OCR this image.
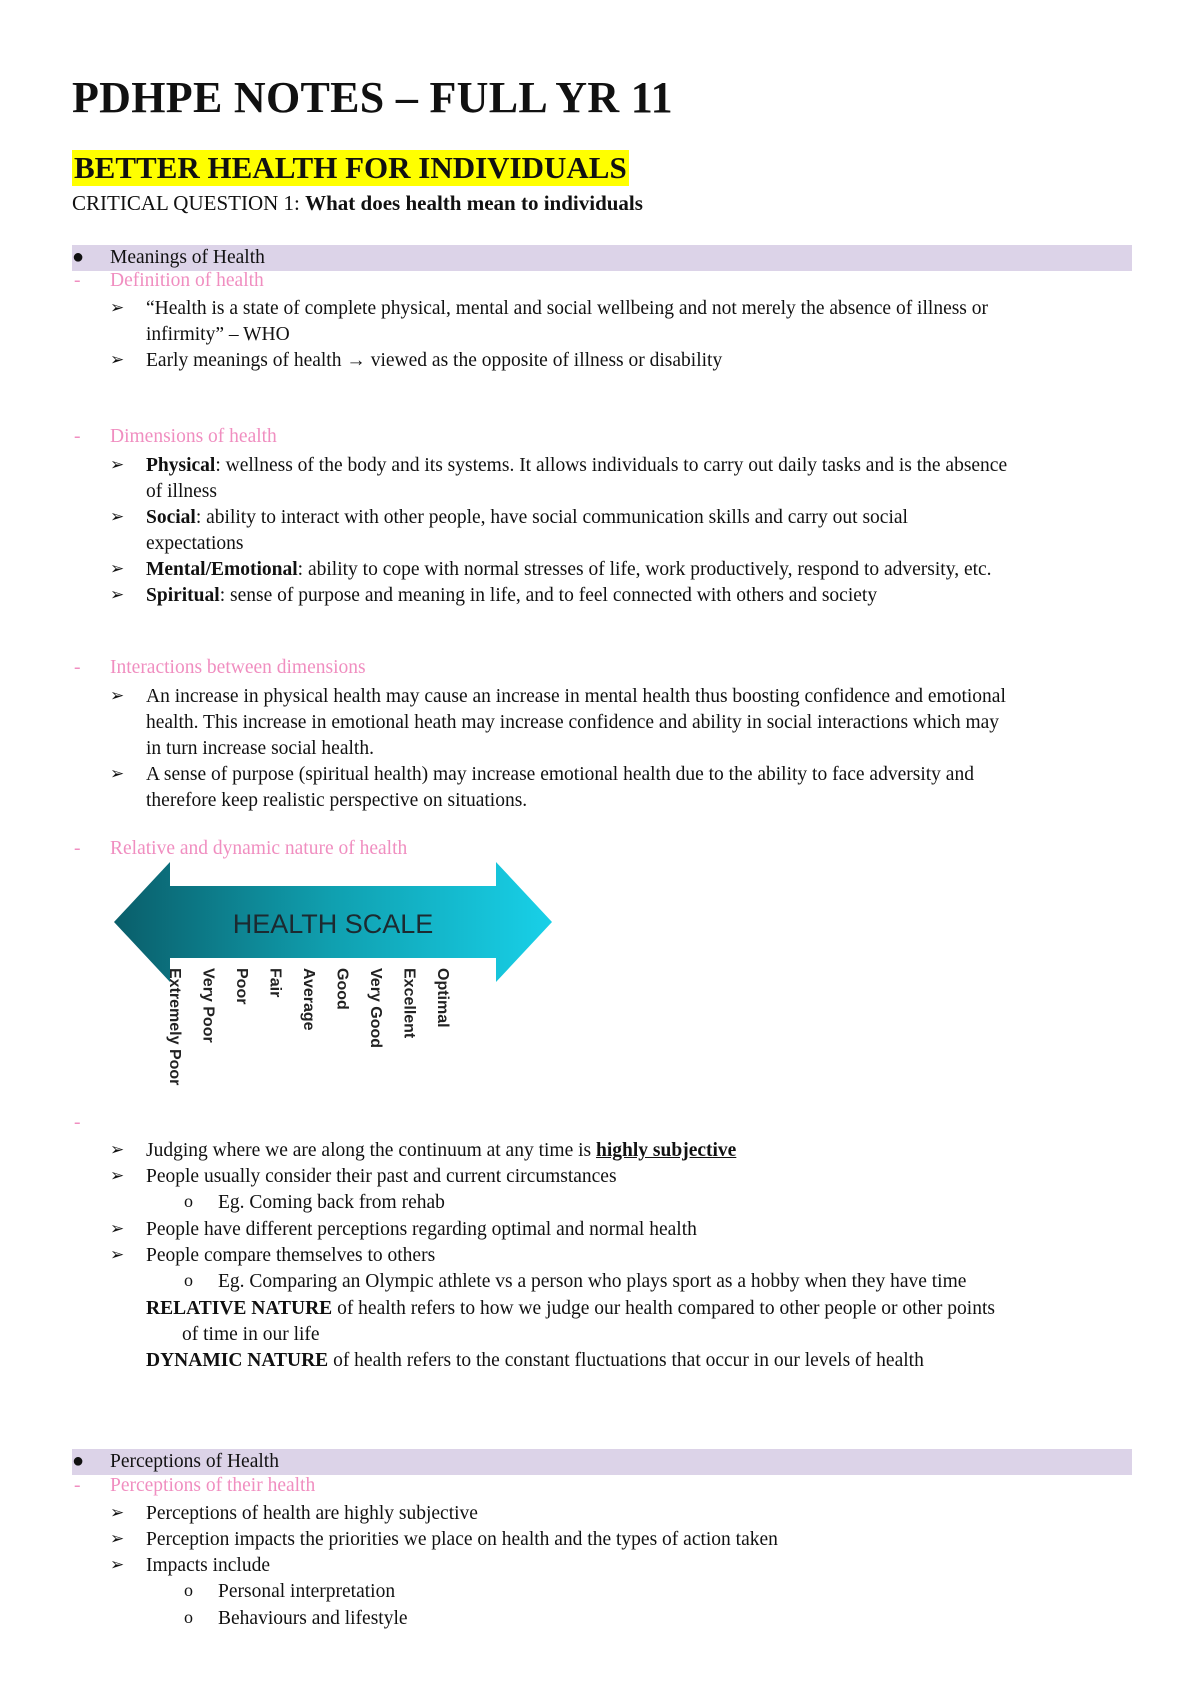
PDHPE NOTES – FULL YR 11
BETTER HEALTH FOR INDIVIDUALS
CRITICAL QUESTION 1: What does health mean to individuals
● Meanings of Health
- Definition of health
➢ “Health is a state of complete physical, mental and social wellbeing and not merely the absence of illness or
infirmity” – WHO
➢ Early meanings of health → viewed as the opposite of illness or disability
- Dimensions of health
➢ Physical: wellness of the body and its systems. It allows individuals to carry out daily tasks and is the absence
of illness
➢ Social: ability to interact with other people, have social communication skills and carry out social
expectations
➢ Mental/Emotional: ability to cope with normal stresses of life, work productively, respond to adversity, etc.
➢ Spiritual: sense of purpose and meaning in life, and to feel connected with others and society
- Interactions between dimensions
➢ An increase in physical health may cause an increase in mental health thus boosting confidence and emotional
health. This increase in emotional heath may increase confidence and ability in social interactions which may
in turn increase social health.
➢ A sense of purpose (spiritual health) may increase emotional health due to the ability to face adversity and
therefore keep realistic perspective on situations.
- Relative and dynamic nature of health
HEALTH SCALE
Extremely Poor Very Poor Poor Fair Average Good Very Good Excellent Optimal
-
➢ Judging where we are along the continuum at any time is highly subjective
➢ People usually consider their past and current circumstances
o Eg. Coming back from rehab
➢ People have different perceptions regarding optimal and normal health
➢ People compare themselves to others
o Eg. Comparing an Olympic athlete vs a person who plays sport as a hobby when they have time
RELATIVE NATURE of health refers to how we judge our health compared to other people or other points
of time in our life
DYNAMIC NATURE of health refers to the constant fluctuations that occur in our levels of health
● Perceptions of Health
- Perceptions of their health
➢ Perceptions of health are highly subjective
➢ Perception impacts the priorities we place on health and the types of action taken
➢ Impacts include
o Personal interpretation
o Behaviours and lifestyle
